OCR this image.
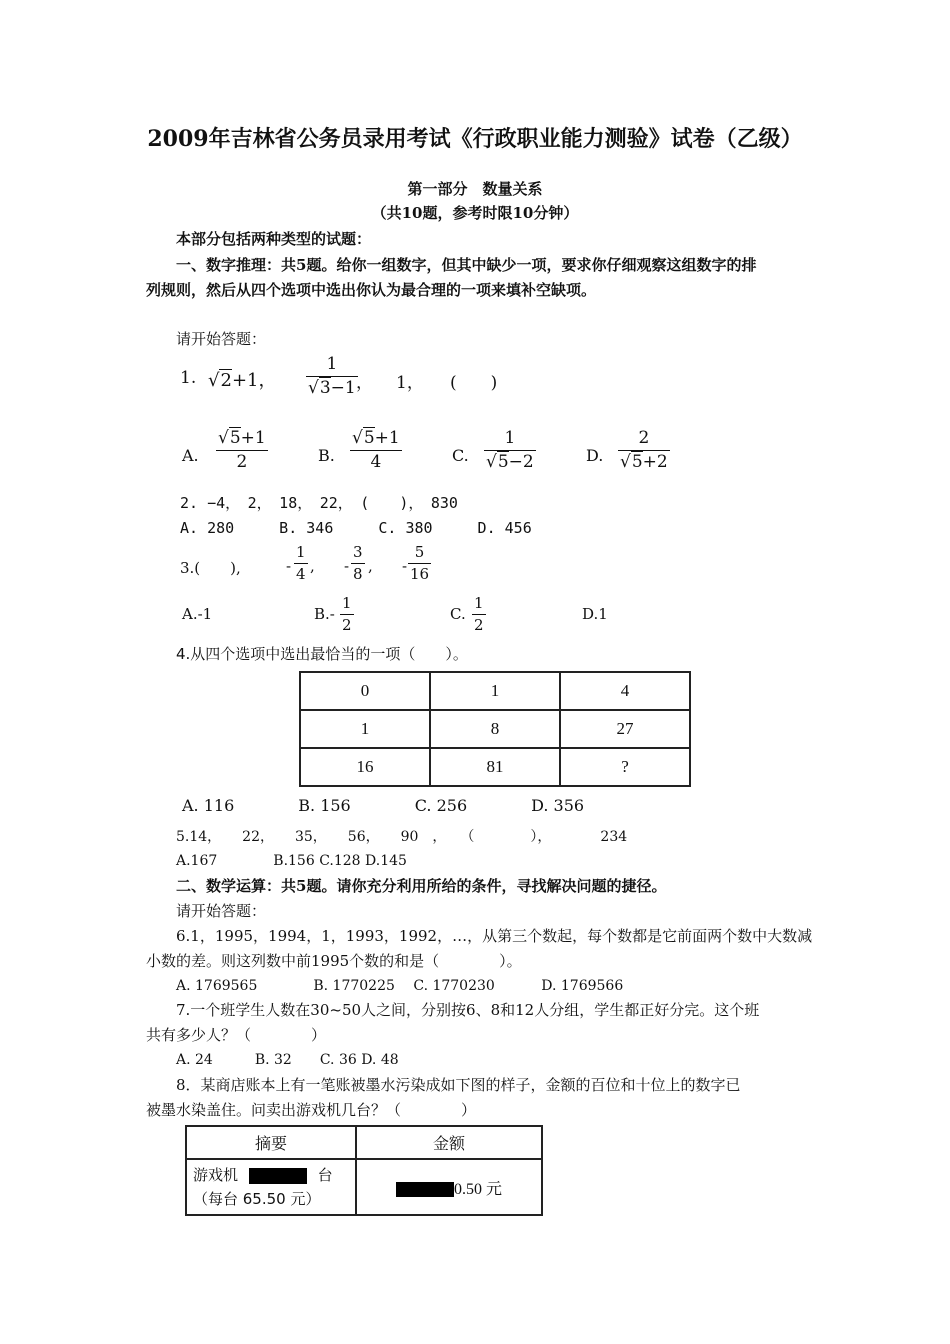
2009年吉林省公务员录用考试《行政职业能力测验》试卷（乙级）
第一部分　数量关系
（共10题，参考时限10分钟）
本部分包括两种类型的试题：
一、数字推理：共5题。给你一组数字，但其中缺少一项，要求你仔细观察这组数字的排
列规则，然后从四个选项中选出你认为最合理的一项来填补空缺项。
请开始答题：
1. √2+1， $\frac{1}{√3-1}$
， 1， (　　)
A. $\frac{√5+1}{2}$	B. $\frac{√5+1}{4}$	C. $\frac{1}{√5-2}$	D. $\frac{2}{√5+2}$
2. −4，　2，　18，　22，　(　　)，　830
A. 280　　　B. 346　　　C. 380　　　D. 456
3.(　　),	- $\frac{1}{4}$ , - $\frac{3}{8}$ , - $\frac{5}{16}$
A.-1	$B.- \frac{1}{2}$	C. $\frac{1}{2}$	D.1
4.从四个选项中选出最恰当的一项（　　）。
0	1	4
1	8	27
16	81	?
A. 116　　　　B. 156　　　　C. 256　　　　D. 356
5.14，　　22，　　35，　　56，　　90　，　　（　　　　），　　　　234
A.167　　　　B.156 C.128 D.145
二、数学运算：共5题。请你充分利用所给的条件，寻找解决问题的捷径。
请开始答题：
6.1，1995，1994，1，1993，1992，…，从第三个数起，每个数都是它前面两个数中大数减
小数的差。则这列数中前1995个数的和是（　　　　）。
A. 1769565　　　　B. 1770225　 C. 1770230　　　 D. 1769566
7.一个班学生人数在30~50人之间，分别按6、8和12人分组，学生都正好分完。这个班
共有多少人？（　　　　）
A. 24　　　B. 32　　C. 36 D. 48
8．某商店账本上有一笔账被墨水污染成如下图的样子，金额的百位和十位上的数字已
被墨水染盖住。问卖出游戏机几台？（　　　　）
摘要	金额
游戏机 台
（每台 65.50 元）	0.50 元
